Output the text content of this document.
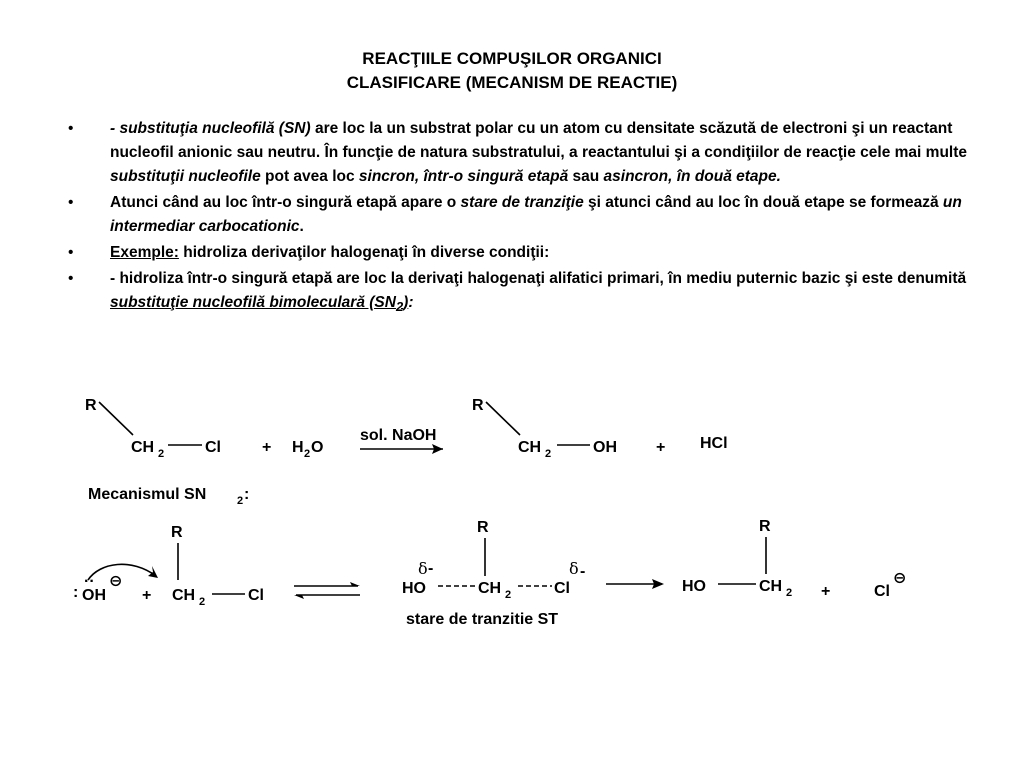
REACŢIILE COMPUŞILOR ORGANICI
CLASIFICARE (MECANISM DE REACTIE)
• - substituţia nucleofilă (SN) are loc la un substrat polar cu un atom cu densitate scăzută de electroni şi un reactant nucleofil anionic sau neutru. În funcţie de natura substratului, a reactantului şi a condiţiilor de reacţie cele mai multe substituţii nucleofile pot avea loc sincron, într-o singură etapă sau asincron, în două etape.
• Atunci când au loc într-o singură etapă apare o stare de tranziţie şi atunci când au loc în două etape se formează un intermediar carbocationic.
• Exemple: hidroliza derivaţilor halogenaţi în diverse condiţii:
• - hidroliza într-o singură etapă are loc la derivaţi halogenaţi alifatici primari, în mediu puternic bazic şi este denumită substituţie nucleofilă bimoleculară $(SN_2)$:
R
CH 2	Cl	+ H 2 O
sol. NaOH
R
CH 2	OH + HCl
Mecanismul SN	2 :
:
··
OH
⊖
+
R
CH 2	Cl
δ -
HO
R
CH 2	Cl
δ -
stare de tranzitie ST
HO
R
CH 2 +	Cl
⊖
